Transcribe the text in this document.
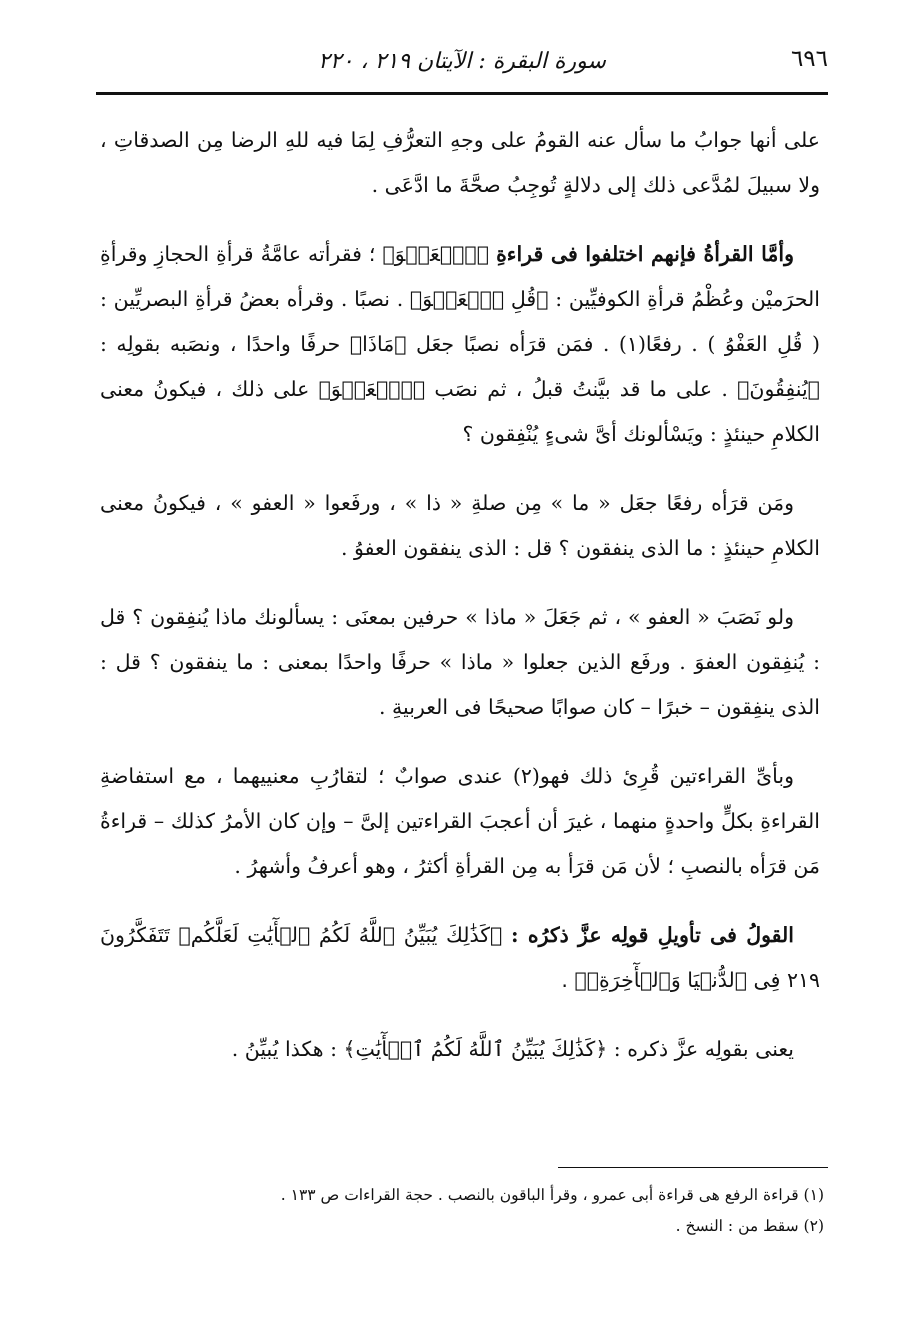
٦٩٦
سورة البقرة : الآيتان ٢١٩ ، ٢٢٠

على أنها جوابُ ما سأل عنه القومُ على وجهِ التعرُّفِ لِمَا فيه للهِ الرضا مِن الصدقاتِ ، ولا سبيلَ لمُدَّعى ذلك إلى دلالةٍ تُوجِبُ صحَّةَ ما ادَّعَى .

وأمَّا القرأةُ فإنهم اختلفوا فى قراءةِ ﴿ٱلۡعَفۡوَ﴾ ؛ فقرأته عامَّةُ قرأةِ الحجازِ وقرأةِ الحرَميْن وعُظْمُ قرأةِ الكوفيِّين : ﴿قُلِ ٱلۡعَفۡوَ﴾ . نصبًا . وقرأه بعضُ قرأةِ البصريِّين : ( قُلِ العَفْوُ ) . رفعًا(١) . فمَن قرَأه نصبًا جعَل ﴿مَاذَا﴾ حرفًا واحدًا ، ونصَبه بقولِه : ﴿يُنفِقُونَ﴾ . على ما قد بيَّنتُ قبلُ ، ثم نصَب ﴿ٱلۡعَفۡوَ﴾ على ذلك ، فيكونُ معنى الكلامِ حينئذٍ : ويَسْألونك أىَّ شىءٍ يُنْفِقون ؟

ومَن قرَأه رفعًا جعَل « ما » مِن صلةِ « ذا » ، ورفَعوا « العفو » ، فيكونُ معنى الكلامِ حينئذٍ : ما الذى ينفقون ؟ قل : الذى ينفقون العفوُ .

ولو نَصَبَ « العفو » ، ثم جَعَلَ « ماذا » حرفين بمعنَى : يسألونك ماذا يُنفِقون ؟ قل : يُنفِقون العفوَ . ورفَع الذين جعلوا « ماذا » حرفًا واحدًا بمعنى : ما ينفقون ؟ قل : الذى ينفِقون – خبرًا – كان صوابًا صحيحًا فى العربيةِ .

وبأىِّ القراءتين قُرِئ ذلك فهو(٢) عندى صوابٌ ؛ لتقارُبِ معنييهما ، مع استفاضةِ القراءةِ بكلٍّ واحدةٍ منهما ، غيرَ أن أعجبَ القراءتين إلىَّ – وإن كان الأمرُ كذلك – قراءةُ مَن قرَأه بالنصبِ ؛ لأن مَن قرَأ به مِن القرأةِ أكثرُ ، وهو أعرفُ وأشهرُ .

القولُ فى تأويلِ قولِه عزَّ ذكرُه : ﴿كَذَٰلِكَ يُبَيِّنُ ٱللَّهُ لَكُمُ ٱلۡأٓيَٰتِ لَعَلَّكُمۡ تَتَفَكَّرُونَ ٢١٩ فِى ٱلدُّنۡيَا وَٱلۡأٓخِرَةِۗ﴾ .

يعنى بقولِه عزَّ ذكره : ﴿كَذَٰلِكَ يُبَيِّنُ ٱللَّهُ لَكُمُ ٱلۡأٓيَٰتِ﴾ : هكذا يُبيِّنُ .

(١) قراءة الرفع هى قراءة أبى عمرو ، وقرأ الباقون بالنصب . حجة القراءات ص ١٣٣ .

(٢) سقط من : النسخ .
